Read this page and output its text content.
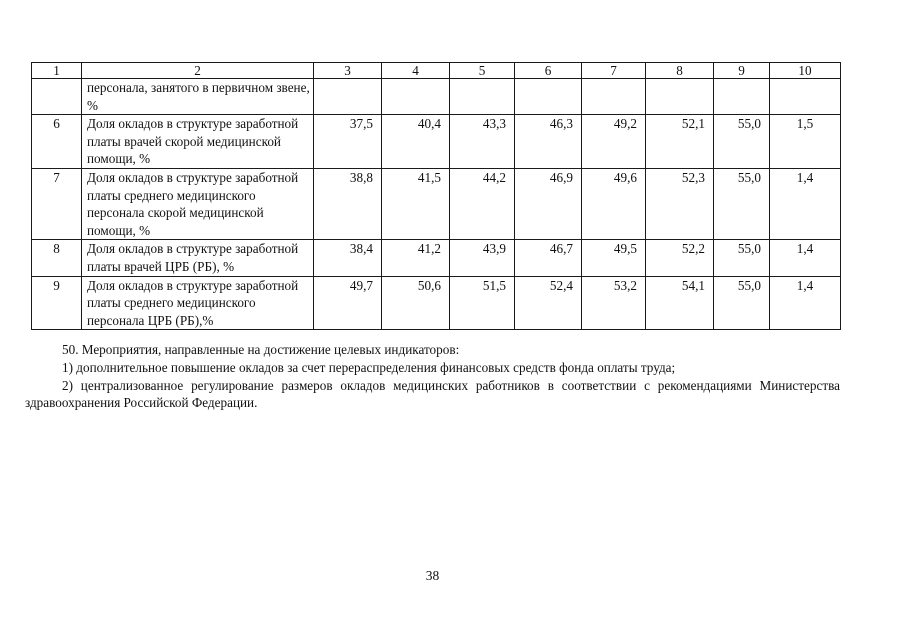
1	2	3	4	5	6	7	8	9	10
	персонала, занятого в первичном звене, %								
6	Доля окладов в структуре заработной платы врачей скорой медицинской помощи, %	37,5	40,4	43,3	46,3	49,2	52,1	55,0	1,5
7	Доля окладов в структуре заработной платы среднего медицинского персонала скорой медицинской помощи, %	38,8	41,5	44,2	46,9	49,6	52,3	55,0	1,4
8	Доля окладов в структуре заработной платы врачей ЦРБ (РБ), %	38,4	41,2	43,9	46,7	49,5	52,2	55,0	1,4
9	Доля окладов в структуре заработной платы среднего медицинского персонала ЦРБ (РБ),%	49,7	50,6	51,5	52,4	53,2	54,1	55,0	1,4

50. Мероприятия, направленные на достижение целевых индикаторов:

1) дополнительное повышение окладов за счет перераспределения финансовых средств фонда оплаты труда;

2) централизованное регулирование размеров окладов медицинских работников в соответствии с рекомендациями Министерства здравоохранения Российской Федерации.

38
